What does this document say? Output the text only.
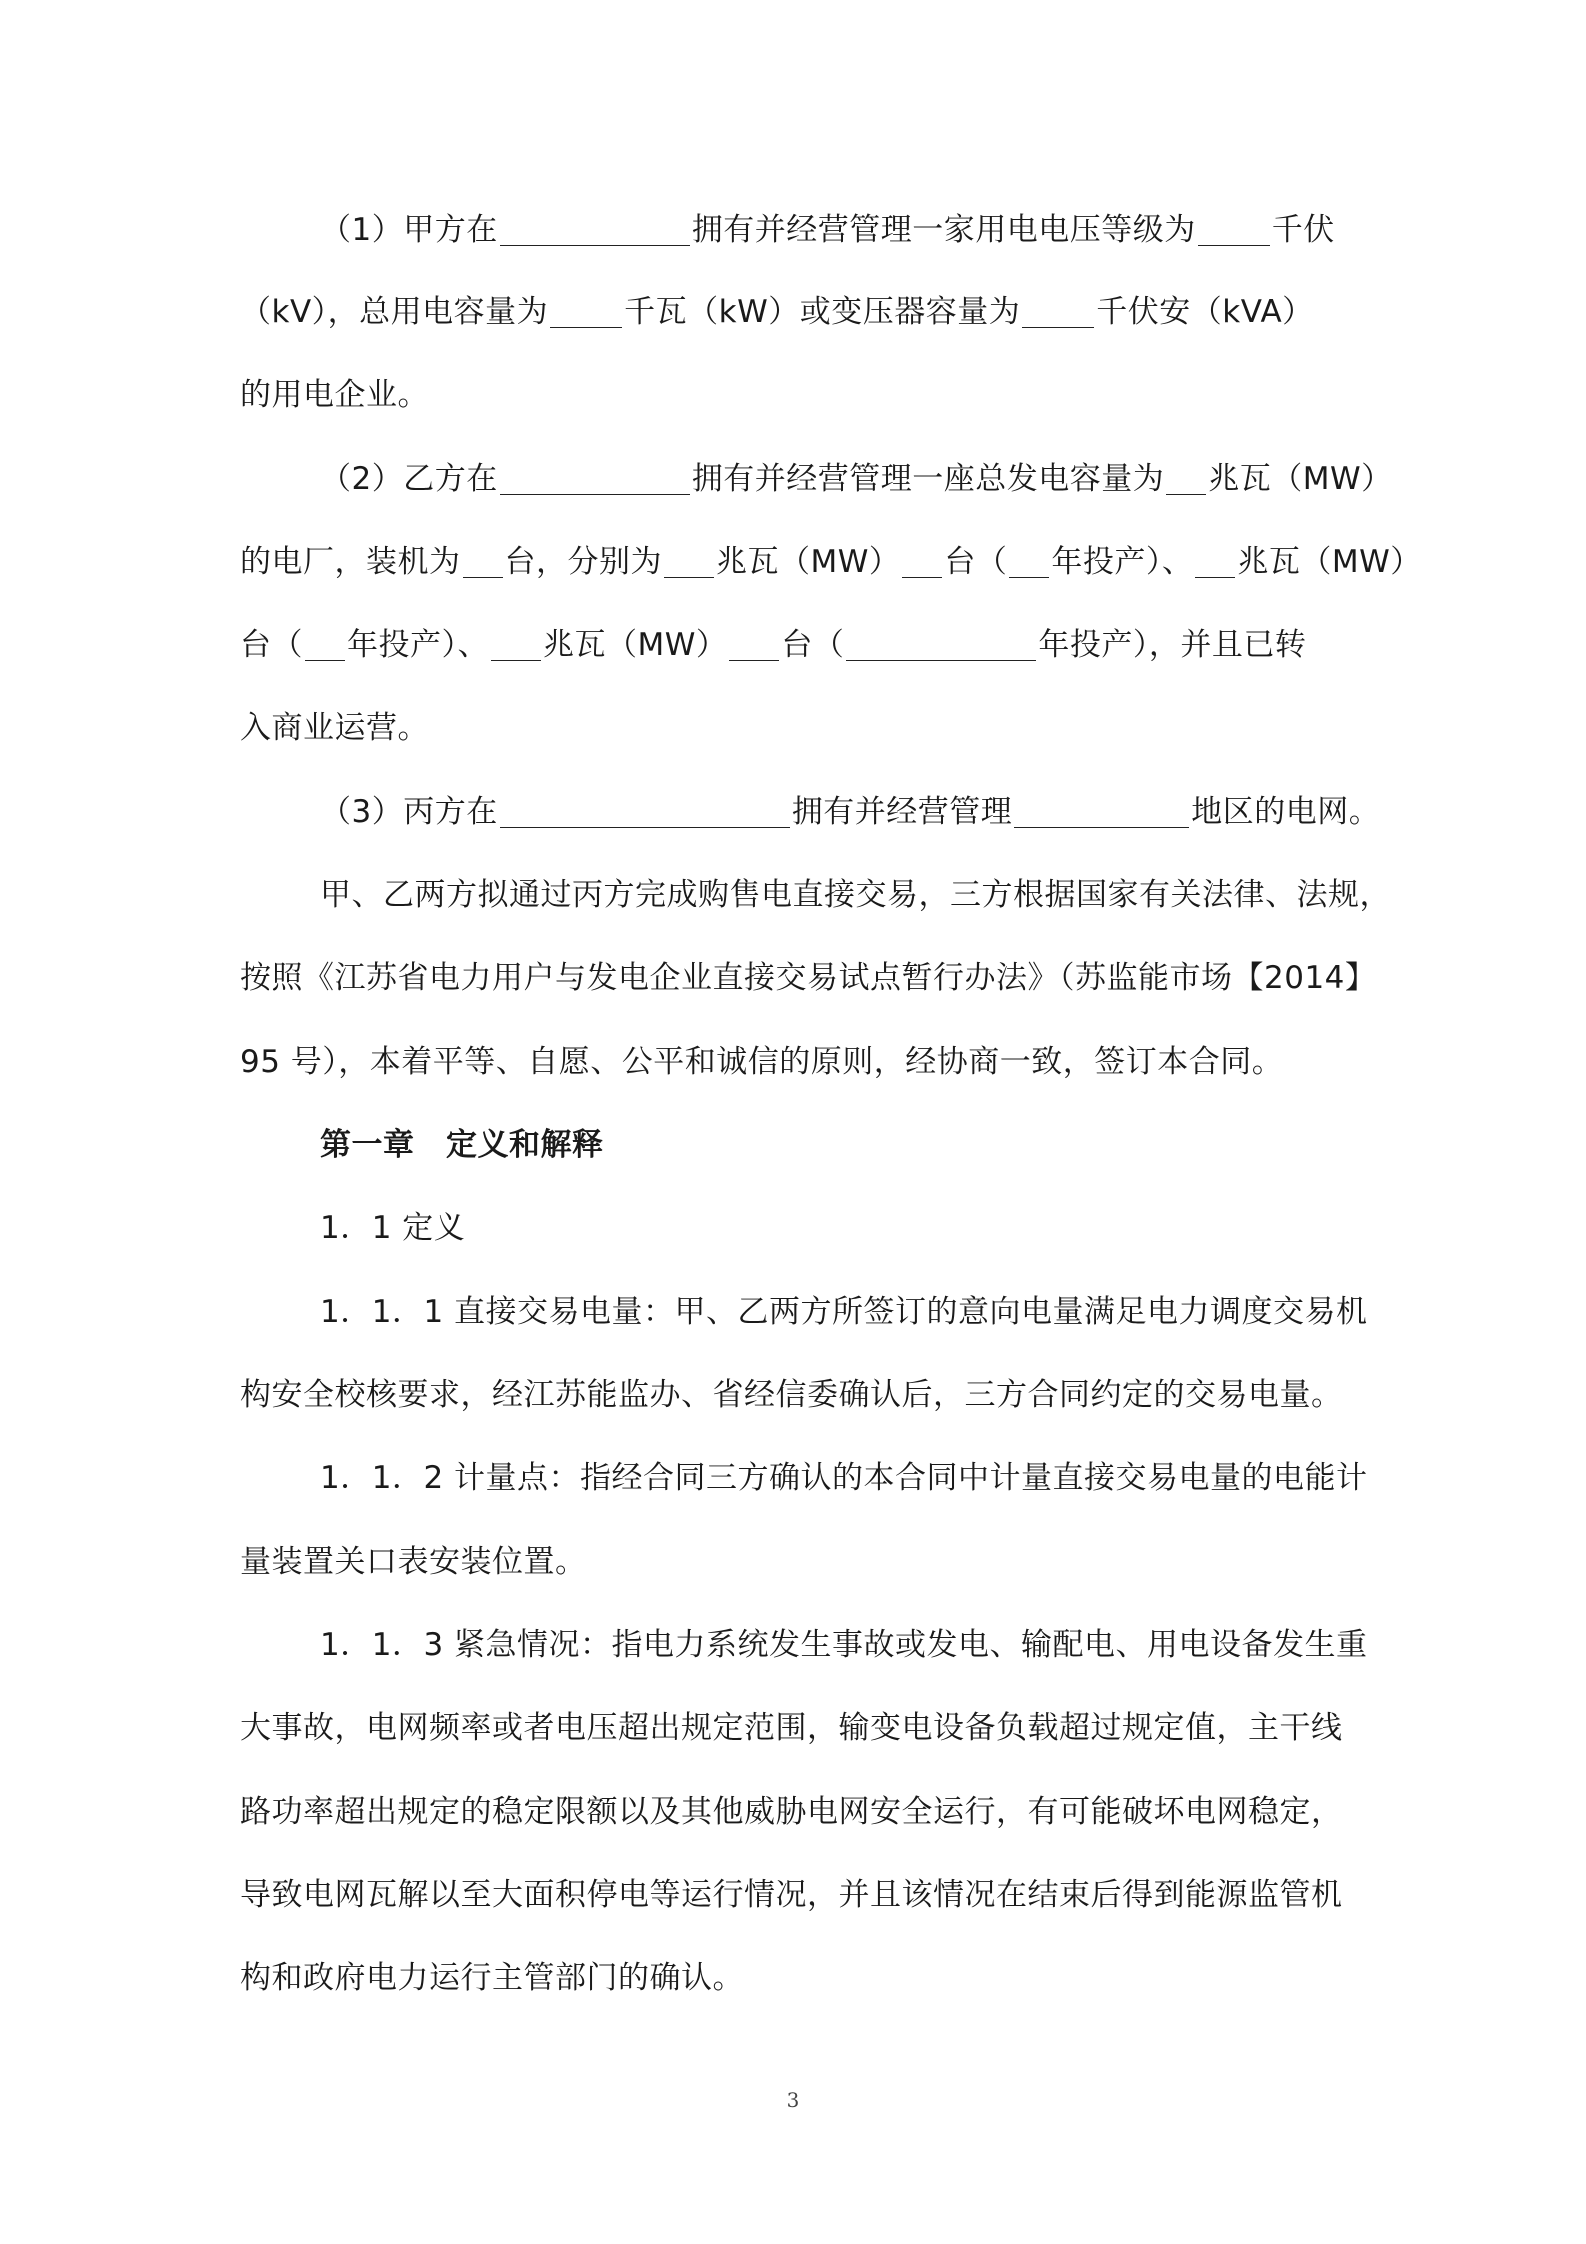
（1）甲方在	拥有并经营管理一家用电电压等级为 千伏
（kV），总用电容量为 千瓦（kW）或变压器容量为 千伏安（kVA）
的用电企业。
（2）乙方在	拥有并经营管理一座总发电容量为 兆瓦（MW）
的电厂，装机为 台，分别为 兆瓦（MW） 台（ 年投产）、 兆瓦（MW）
台（ 年投产）、 兆瓦（MW） 台（	年投产），并且已转
入商业运营。
（3）丙方在	拥有并经营管理	地区的电网。
甲、乙两方拟通过丙方完成购售电直接交易，三方根据国家有关法律、法规，
按照《江苏省电力用户与发电企业直接交易试点暂行办法》（苏监能市场【2014】
95 号），本着平等、自愿、公平和诚信的原则，经协商一致，签订本合同。
第一章　定义和解释
1．1 定义
1．1．1 直接交易电量：甲、乙两方所签订的意向电量满足电力调度交易机
构安全校核要求，经江苏能监办、省经信委确认后，三方合同约定的交易电量。
1．1．2 计量点：指经合同三方确认的本合同中计量直接交易电量的电能计
量装置关口表安装位置。
1．1．3 紧急情况：指电力系统发生事故或发电、输配电、用电设备发生重
大事故，电网频率或者电压超出规定范围，输变电设备负载超过规定值，主干线
路功率超出规定的稳定限额以及其他威胁电网安全运行，有可能破坏电网稳定，
导致电网瓦解以至大面积停电等运行情况，并且该情况在结束后得到能源监管机
构和政府电力运行主管部门的确认。
3
